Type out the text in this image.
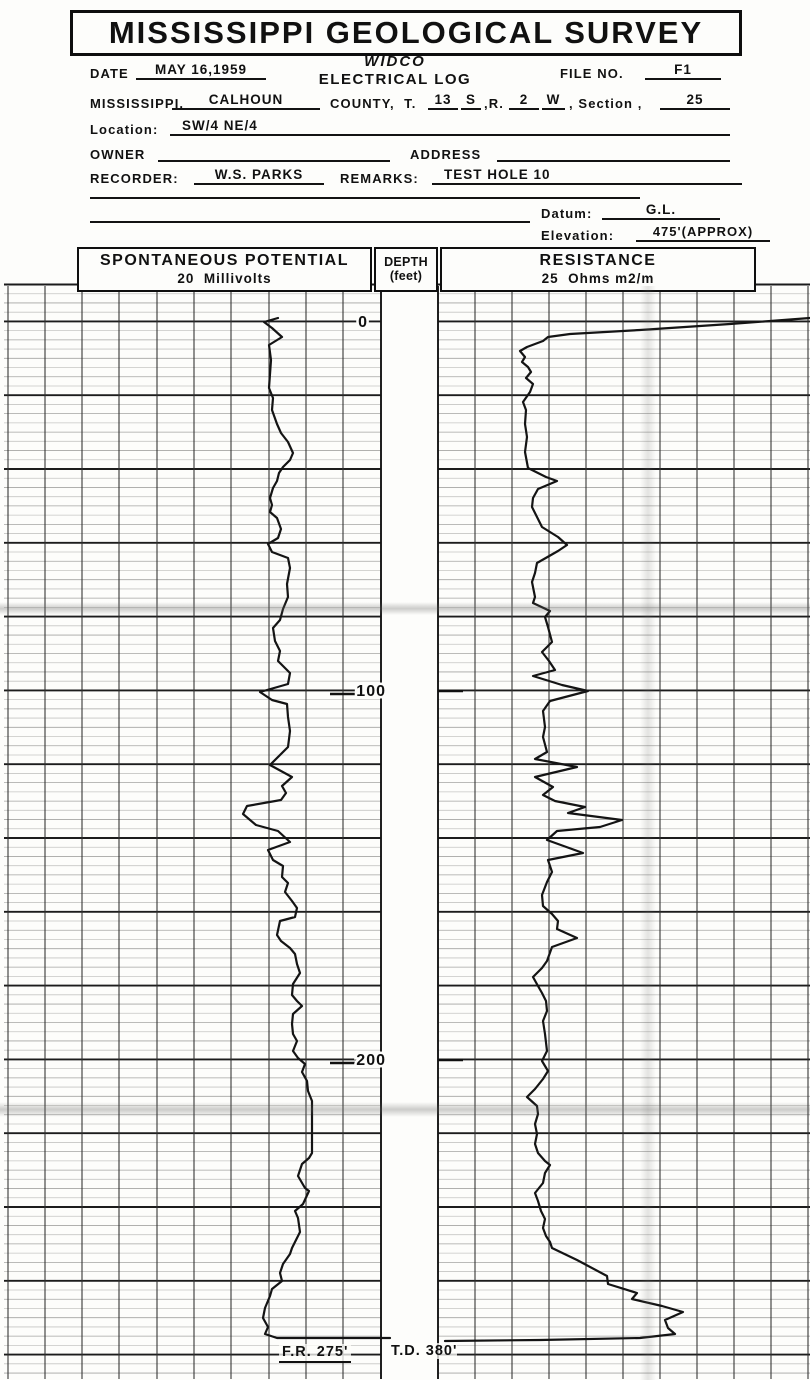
0
100
200
MISSISSIPPI GEOLOGICAL SURVEY
DATE	MAY 16,1959	WIDCO
ELECTRICAL LOG	FILE NO.	F1
MISSISSIPPI,	CALHOUN	COUNTY,  T.	13	S ,R.	2	W , Section ,	25
Location:	SW/4 NE/4
OWNER	ADDRESS
RECORDER:	W.S. PARKS	REMARKS:	TEST HOLE 10
Datum:	G.L.
Elevation:	475'(APPROX)
SPONTANEOUS POTENTIAL
20  Millivolts
DEPTH
(feet)
RESISTANCE
25  Ohms m2/m
F.R. 275'	T.D. 380'
